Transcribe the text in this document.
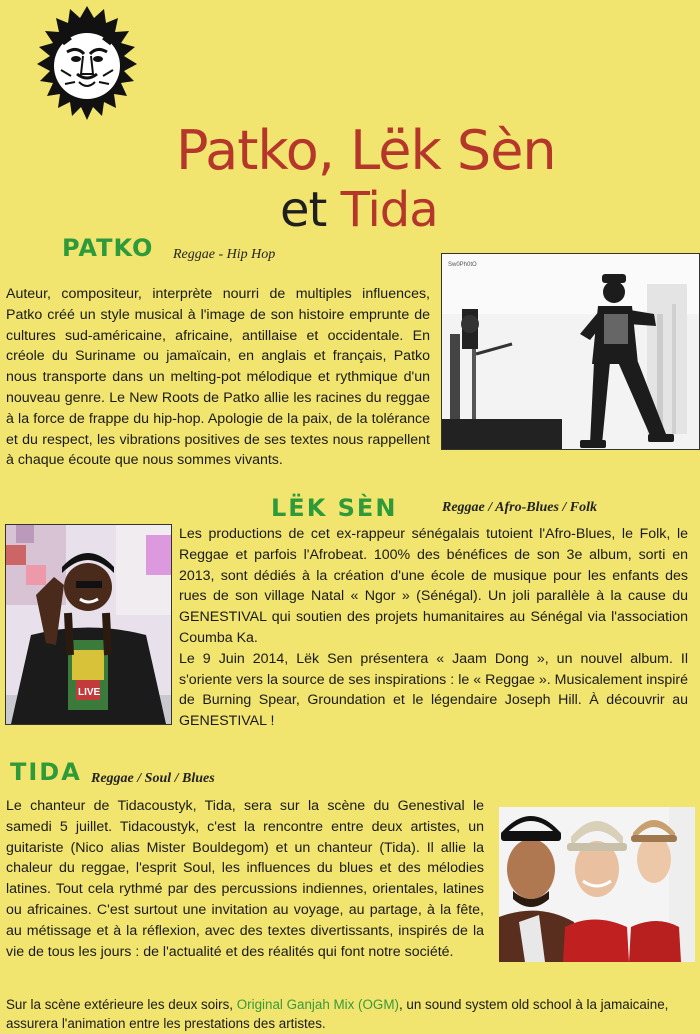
Patko, Lëk Sèn
et Tida
PATKO Reggae - Hip Hop

Auteur, compositeur, interprète nourri de multiples influences, Patko créé un style musical à l'image de son histoire emprunte de cultures sud-américaine, africaine, antillaise et occidentale. En créole du Suriname ou jamaïcain, en anglais et français, Patko nous transporte dans un melting-pot mélodique et rythmique d'un nouveau genre. Le New Roots de Patko allie les racines du reggae à la force de frappe du hip-hop. Apologie de la paix, de la tolérance et du respect, les vibrations positives de ses textes nous rappellent à chaque écoute que nous sommes vivants.

Sw0Ph0tO
LËK SÈN	Reggae / Afro-Blues / Folk
LIVE

Les productions de cet ex-rappeur sénégalais tutoient l'Afro-Blues, le Folk, le Reggae et parfois l'Afrobeat. 100% des bénéfices de son 3e album, sorti en 2013, sont dédiés à la création d'une école de musique pour les enfants des rues de son village Natal « Ngor » (Sénégal). Un joli parallèle à la cause du GENESTIVAL qui soutien des projets humanitaires au Sénégal via l'association Coumba Ka.

Le 9 Juin 2014, Lëk Sen présentera « Jaam Dong », un nouvel album. Il s'oriente vers la source de ses inspirations : le « Reggae ». Musicalement inspiré de Burning Spear, Groundation et le légendaire Joseph Hill. À découvrir au GENESTIVAL !

TIDA Reggae / Soul / Blues

Le chanteur de Tidacoustyk, Tida, sera sur la scène du Genestival le samedi 5 juillet. Tidacoustyk, c'est la rencontre entre deux artistes, un guitariste (Nico alias Mister Bouldegom) et un chanteur (Tida). Il allie la chaleur du reggae, l'esprit Soul, les influences du blues et des mélodies latines. Tout cela rythmé par des percussions indiennes, orientales, latines ou africaines. C'est surtout une invitation au voyage, au partage, à la fête, au métissage et à la réflexion, avec des textes divertissants, inspirés de la vie de tous les jours : de l'actualité et des réalités qui font notre société.

Sur la scène extérieure les deux soirs, Original Ganjah Mix (OGM), un sound system old school à la jamaicaine, assurera l'animation entre les prestations des artistes.
